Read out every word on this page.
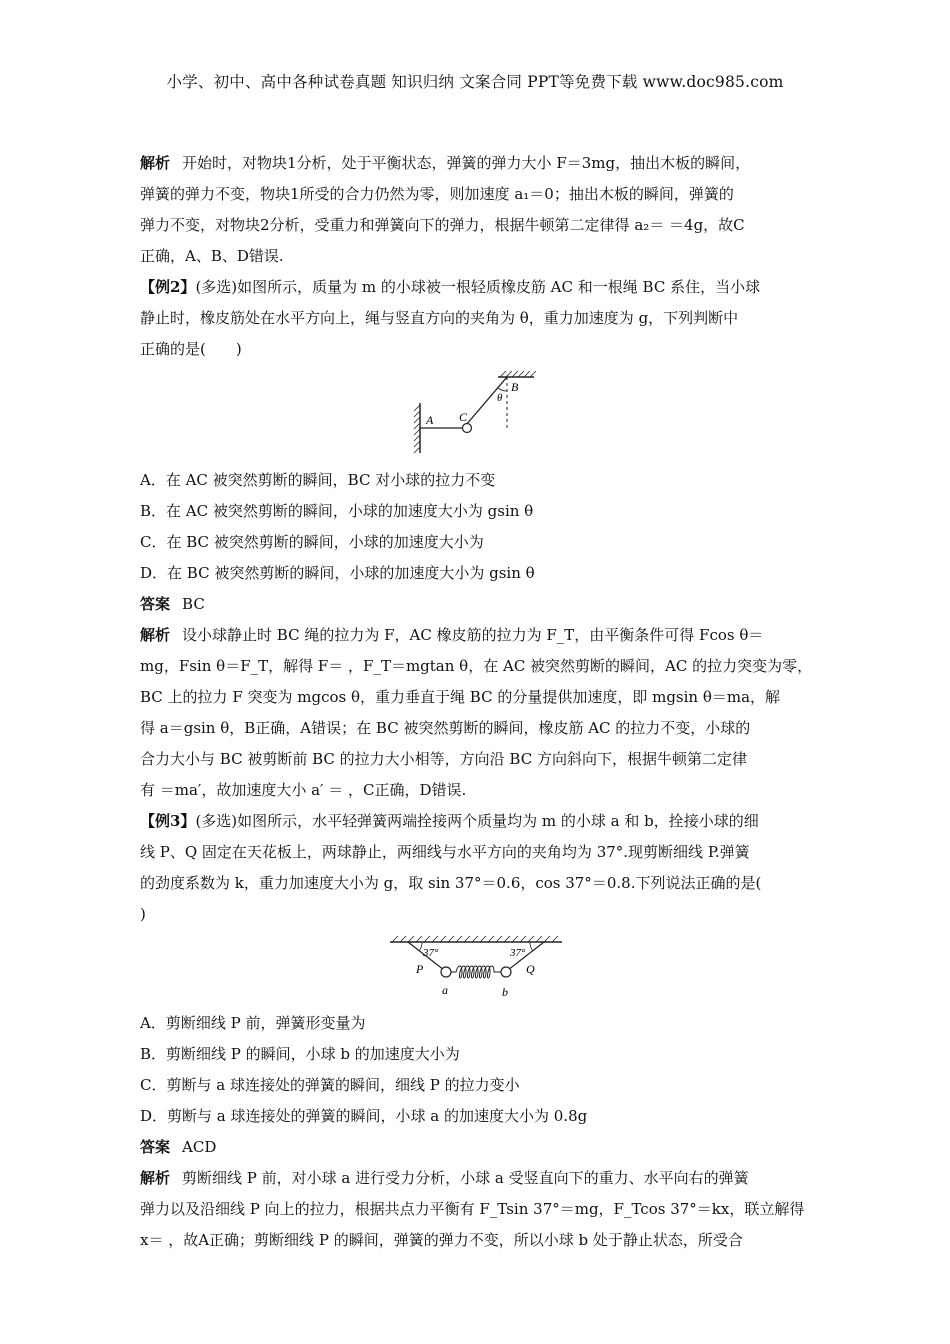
小学、初中、高中各种试卷真题 知识归纳 文案合同 PPT等免费下载 www.doc985.com
解析 开始时，对物块1分析，处于平衡状态，弹簧的弹力大小 F＝3mg，抽出木板的瞬间，
弹簧的弹力不变，物块1所受的合力仍然为零，则加速度 a₁＝0；抽出木板的瞬间，弹簧的
弹力不变，对物块2分析，受重力和弹簧向下的弹力，根据牛顿第二定律得 a₂＝ ＝4g，故C
正确，A、B、D错误.
【例2】(多选)如图所示，质量为 m 的小球被一根轻质橡皮筋 AC 和一根绳 BC 系住，当小球
静止时，橡皮筋处在水平方向上，绳与竖直方向的夹角为 θ，重力加速度为 g，下列判断中
正确的是(　　)
A C
B
θ
A．在 AC 被突然剪断的瞬间，BC 对小球的拉力不变
B．在 AC 被突然剪断的瞬间，小球的加速度大小为 gsin θ
C．在 BC 被突然剪断的瞬间，小球的加速度大小为
D．在 BC 被突然剪断的瞬间，小球的加速度大小为 gsin θ
答案 BC
解析 设小球静止时 BC 绳的拉力为 F，AC 橡皮筋的拉力为 F_T，由平衡条件可得 Fcos θ＝
mg，Fsin θ＝F_T，解得 F＝ ，F_T＝mgtan θ，在 AC 被突然剪断的瞬间，AC 的拉力突变为零，
BC 上的拉力 F 突变为 mgcos θ，重力垂直于绳 BC 的分量提供加速度，即 mgsin θ＝ma，解
得 a＝gsin θ，B正确，A错误；在 BC 被突然剪断的瞬间，橡皮筋 AC 的拉力不变，小球的
合力大小与 BC 被剪断前 BC 的拉力大小相等，方向沿 BC 方向斜向下，根据牛顿第二定律
有 ＝ma′，故加速度大小 a′ ＝ ，C正确，D错误.
【例3】(多选)如图所示，水平轻弹簧两端拴接两个质量均为 m 的小球 a 和 b，拴接小球的细
线 P、Q 固定在天花板上，两球静止，两细线与水平方向的夹角均为 37°.现剪断细线 P.弹簧
的劲度系数为 k，重力加速度大小为 g，取 sin 37°＝0.6，cos 37°＝0.8.下列说法正确的是(
)
37°	37°
P	Q
a	b
A．剪断细线 P 前，弹簧形变量为
B．剪断细线 P 的瞬间，小球 b 的加速度大小为
C．剪断与 a 球连接处的弹簧的瞬间，细线 P 的拉力变小
D．剪断与 a 球连接处的弹簧的瞬间，小球 a 的加速度大小为 0.8g
答案 ACD
解析 剪断细线 P 前，对小球 a 进行受力分析，小球 a 受竖直向下的重力、水平向右的弹簧
弹力以及沿细线 P 向上的拉力，根据共点力平衡有 F_Tsin 37°＝mg，F_Tcos 37°＝kx，联立解得
x＝ ，故A正确；剪断细线 P 的瞬间，弹簧的弹力不变，所以小球 b 处于静止状态，所受合
